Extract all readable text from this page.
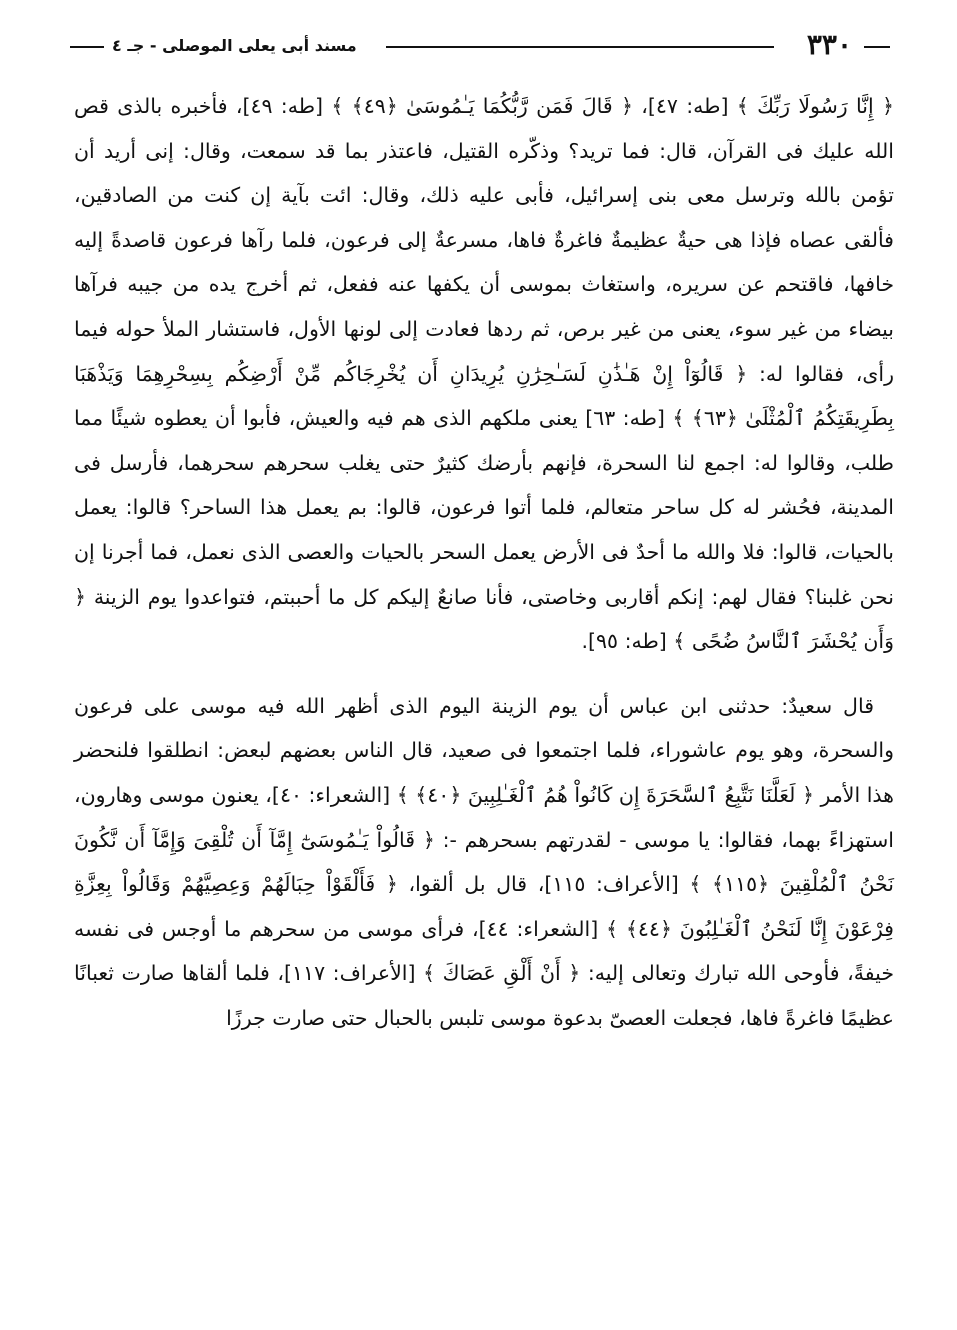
٣٣٠
مسند أبى يعلى الموصلى - جـ ٤

﴿ إِنَّا رَسُولَا رَبِّكَ ﴾ [طه: ٤٧]، ﴿ قَالَ فَمَن رَّبُّكُمَا يَـٰمُوسَىٰ ﴿٤٩﴾ ﴾ [طه: ٤٩]، فأخبره بالذى قص الله عليك فى القرآن، قال: فما تريد؟ وذكّره القتيل، فاعتذر بما قد سمعت، وقال: إنى أريد أن تؤمن بالله وترسل معى بنى إسرائيل، فأبى عليه ذلك، وقال: ائت بآية إن كنت من الصادقين، فألقى عصاه فإذا هى حيةٌ عظيمةٌ فاغرةٌ فاها، مسرعةٌ إلى فرعون، فلما رآها فرعون قاصدةً إليه خافها، فاقتحم عن سريره، واستغاث بموسى أن يكفها عنه ففعل، ثم أخرج يده من جيبه فرآها بيضاء من غير سوء، يعنى من غير برص، ثم ردها فعادت إلى لونها الأول، فاستشار الملأ حوله فيما رأى، فقالوا له: ﴿ قَالُوٓاْ إِنْ هَـٰذَٰنِ لَسَـٰحِرَٰنِ يُرِيدَانِ أَن يُخْرِجَاكُم مِّنْ أَرْضِكُم بِسِحْرِهِمَا وَيَذْهَبَا بِطَرِيقَتِكُمُ ٱلْمُثْلَىٰ ﴿٦٣﴾ ﴾ [طه: ٦٣] يعنى ملكهم الذى هم فيه والعيش، فأبوا أن يعطوه شيئًا مما طلب، وقالوا له: اجمع لنا السحرة، فإنهم بأرضك كثيرٌ حتى يغلب سحرهم سحرهما، فأرسل فى المدينة، فحُشر له كل ساحر متعالم، فلما أتوا فرعون، قالوا: بم يعمل هذا الساحر؟ قالوا: يعمل بالحيات، قالوا: فلا والله ما أحدٌ فى الأرض يعمل السحر بالحيات والعصى الذى نعمل، فما أجرنا إن نحن غلبنا؟ فقال لهم: إنكم أقاربى وخاصتى، فأنا صانعٌ إليكم كل ما أحببتم، فتواعدوا يوم الزينة ﴿ وَأَن يُحْشَرَ ٱلنَّاسُ ضُحًى ﴾ [طه: ٩٥].

قال سعيدٌ: حدثنى ابن عباس أن يوم الزينة اليوم الذى أظهر الله فيه موسى على فرعون والسحرة، وهو يوم عاشوراء، فلما اجتمعوا فى صعيد، قال الناس بعضهم لبعض: انطلقوا فلنحضر هذا الأمر ﴿ لَعَلَّنَا نَتَّبِعُ ٱلسَّحَرَةَ إِن كَانُواْ هُمُ ٱلْغَـٰلِبِينَ ﴿٤٠﴾ ﴾ [الشعراء: ٤٠]، يعنون موسى وهارون، استهزاءً بهما، فقالوا: يا موسى - لقدرتهم بسحرهم -: ﴿ قَالُواْ يَـٰمُوسَىٰٓ إِمَّآ أَن تُلْقِىَ وَإِمَّآ أَن نَّكُونَ نَحْنُ ٱلْمُلْقِينَ ﴿١١٥﴾ ﴾ [الأعراف: ١١٥]، قال بل ألقوا، ﴿ فَأَلْقَوْاْ حِبَالَهُمْ وَعِصِيَّهُمْ وَقَالُواْ بِعِزَّةِ فِرْعَوْنَ إِنَّا لَنَحْنُ ٱلْغَـٰلِبُونَ ﴿٤٤﴾ ﴾ [الشعراء: ٤٤]، فرأى موسى من سحرهم ما أوجس فى نفسه خيفةً، فأوحى الله تبارك وتعالى إليه: ﴿ أَنْ أَلْقِ عَصَاكَ ﴾ [الأعراف: ١١٧]، فلما ألقاها صارت ثعبانًا عظيمًا فاغرةً فاها، فجعلت العصىّ بدعوة موسى تلبس بالحبال حتى صارت جرزًا
